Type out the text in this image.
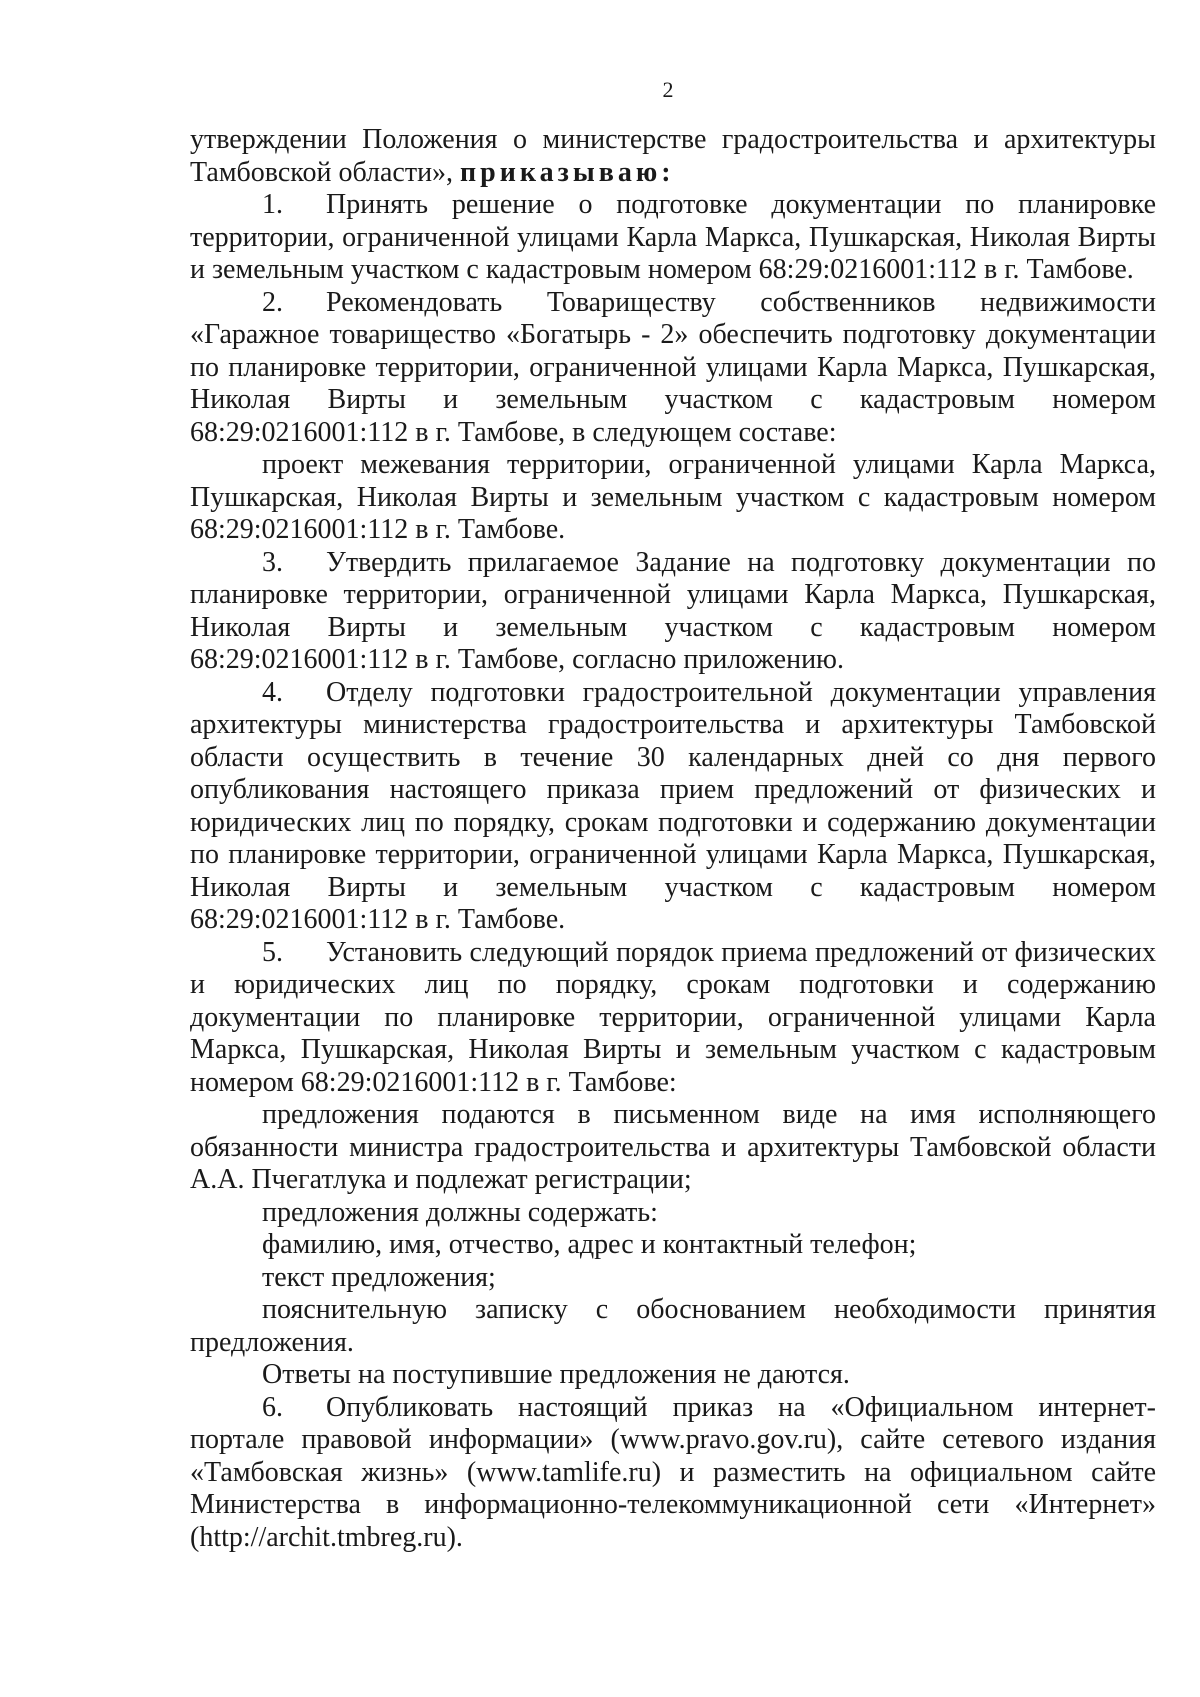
2

утверждении Положения о министерстве градостроительства и архитектуры Тамбовской области», приказываю:

1. Принять решение о подготовке документации по планировке территории, ограниченной улицами Карла Маркса, Пушкарская, Николая Вирты и земельным участком с кадастровым номером 68:29:0216001:112 в г. Тамбове.

2. Рекомендовать Товариществу собственников недвижимости «Гаражное товарищество «Богатырь - 2» обеспечить подготовку документации по планировке территории, ограниченной улицами Карла Маркса, Пушкарская, Николая Вирты и земельным участком с кадастровым номером 68:29:0216001:112 в г. Тамбове, в следующем составе:

проект межевания территории, ограниченной улицами Карла Маркса, Пушкарская, Николая Вирты и земельным участком с кадастровым номером 68:29:0216001:112 в г. Тамбове.

3. Утвердить прилагаемое Задание на подготовку документации по планировке территории, ограниченной улицами Карла Маркса, Пушкарская, Николая Вирты и земельным участком с кадастровым номером 68:29:0216001:112 в г. Тамбове, согласно приложению.

4. Отделу подготовки градостроительной документации управления архитектуры министерства градостроительства и архитектуры Тамбовской области осуществить в течение 30 календарных дней со дня первого опубликования настоящего приказа прием предложений от физических и юридических лиц по порядку, срокам подготовки и содержанию документации по планировке территории, ограниченной улицами Карла Маркса, Пушкарская, Николая Вирты и земельным участком с кадастровым номером 68:29:0216001:112 в г. Тамбове.

5. Установить следующий порядок приема предложений от физических и юридических лиц по порядку, срокам подготовки и содержанию документации по планировке территории, ограниченной улицами Карла Маркса, Пушкарская, Николая Вирты и земельным участком с кадастровым номером 68:29:0216001:112 в г. Тамбове:

предложения подаются в письменном виде на имя исполняющего обязанности министра градостроительства и архитектуры Тамбовской области А.А. Пчегатлука и подлежат регистрации;

предложения должны содержать:

фамилию, имя, отчество, адрес и контактный телефон;

текст предложения;

пояснительную записку с обоснованием необходимости принятия предложения.

Ответы на поступившие предложения не даются.

6. Опубликовать настоящий приказ на «Официальном интернет-портале правовой информации» (www.pravo.gov.ru), сайте сетевого издания «Тамбовская жизнь» (www.tamlife.ru) и разместить на официальном сайте Министерства в информационно-телекоммуникационной сети «Интернет» (http://archit.tmbreg.ru).
